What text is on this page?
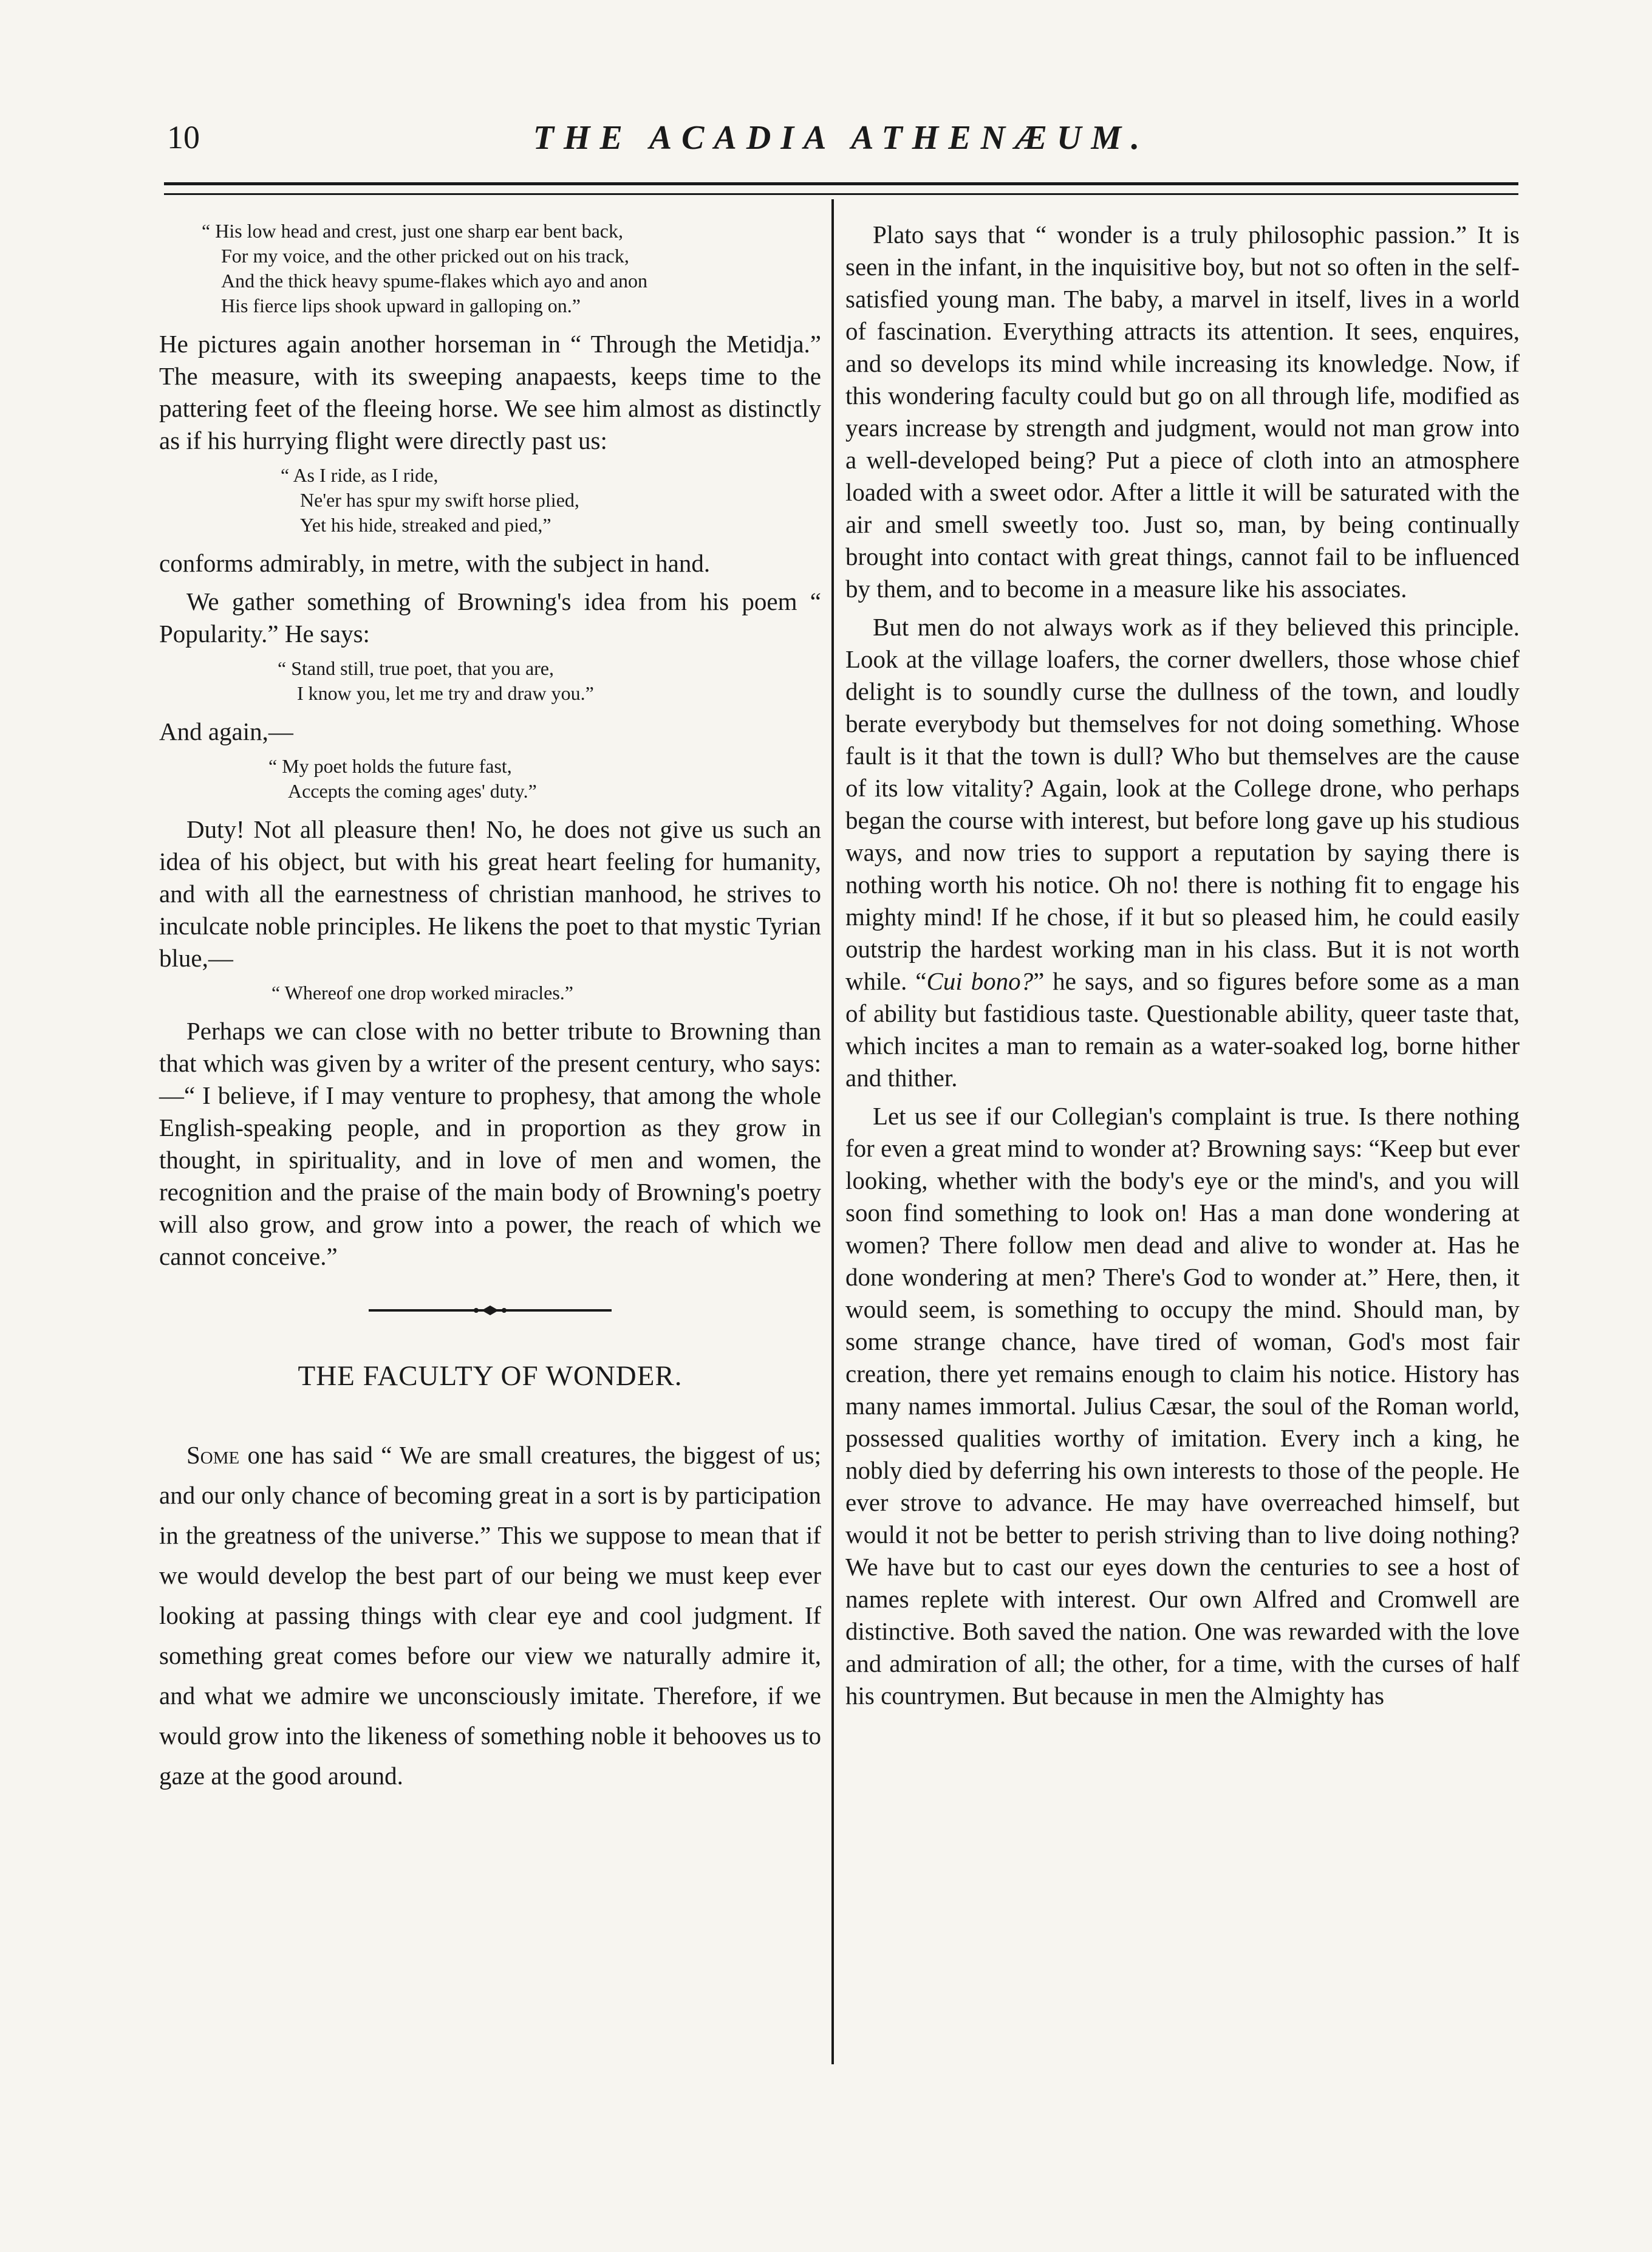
10	THE ACADIA ATHENÆUM.
“ His low head and crest, just one sharp ear bent back,
For my voice, and the other pricked out on his track,
And the thick heavy spume-flakes which ayo and anon
His fierce lips shook upward in galloping on.”

He pictures again another horseman in “ Through the Metidja.” The measure, with its sweeping anapaests, keeps time to the pattering feet of the fleeing horse. We see him almost as distinctly as if his hurrying flight were directly past us:

“ As I ride, as I ride,
Ne'er has spur my swift horse plied,
Yet his hide, streaked and pied,”

conforms admirably, in metre, with the subject in hand.

We gather something of Browning's idea from his poem “ Popularity.” He says:

“ Stand still, true poet, that you are,
I know you, let me try and draw you.”

And again,—

“ My poet holds the future fast,
Accepts the coming ages' duty.”

Duty! Not all pleasure then! No, he does not give us such an idea of his object, but with his great heart feeling for humanity, and with all the earnestness of christian manhood, he strives to inculcate noble principles. He likens the poet to that mystic Tyrian blue,—

“ Whereof one drop worked miracles.”

Perhaps we can close with no better tribute to Browning than that which was given by a writer of the present century, who says:—“ I believe, if I may venture to prophesy, that among the whole English-speaking people, and in proportion as they grow in thought, in spirituality, and in love of men and women, the recognition and the praise of the main body of Browning's poetry will also grow, and grow into a power, the reach of which we cannot conceive.”

THE FACULTY OF WONDER.

Some one has said “ We are small creatures, the biggest of us; and our only chance of becoming great in a sort is by participation in the greatness of the universe.” This we suppose to mean that if we would develop the best part of our being we must keep ever looking at passing things with clear eye and cool judgment. If something great comes before our view we naturally admire it, and what we admire we unconsciously imitate. Therefore, if we would grow into the likeness of something noble it behooves us to gaze at the good around.

Plato says that “ wonder is a truly philosophic passion.” It is seen in the infant, in the inquisitive boy, but not so often in the self-satisfied young man. The baby, a marvel in itself, lives in a world of fascination. Everything attracts its attention. It sees, enquires, and so develops its mind while increasing its knowledge. Now, if this wondering faculty could but go on all through life, modified as years increase by strength and judgment, would not man grow into a well-developed being? Put a piece of cloth into an atmosphere loaded with a sweet odor. After a little it will be saturated with the air and smell sweetly too. Just so, man, by being continually brought into contact with great things, cannot fail to be influenced by them, and to become in a measure like his associates.

But men do not always work as if they believed this principle. Look at the village loafers, the corner dwellers, those whose chief delight is to soundly curse the dullness of the town, and loudly berate everybody but themselves for not doing something. Whose fault is it that the town is dull? Who but themselves are the cause of its low vitality? Again, look at the College drone, who perhaps began the course with interest, but before long gave up his studious ways, and now tries to support a reputation by saying there is nothing worth his notice. Oh no! there is nothing fit to engage his mighty mind! If he chose, if it but so pleased him, he could easily outstrip the hardest working man in his class. But it is not worth while. “Cui bono?” he says, and so figures before some as a man of ability but fastidious taste. Questionable ability, queer taste that, which incites a man to remain as a water-soaked log, borne hither and thither.

Let us see if our Collegian's complaint is true. Is there nothing for even a great mind to wonder at? Browning says: “Keep but ever looking, whether with the body's eye or the mind's, and you will soon find something to look on! Has a man done wondering at women? There follow men dead and alive to wonder at. Has he done wondering at men? There's God to wonder at.” Here, then, it would seem, is something to occupy the mind. Should man, by some strange chance, have tired of woman, God's most fair creation, there yet remains enough to claim his notice. History has many names immortal. Julius Cæsar, the soul of the Roman world, possessed qualities worthy of imitation. Every inch a king, he nobly died by deferring his own interests to those of the people. He ever strove to advance. He may have overreached himself, but would it not be better to perish striving than to live doing nothing? We have but to cast our eyes down the centuries to see a host of names replete with interest. Our own Alfred and Cromwell are distinctive. Both saved the nation. One was rewarded with the love and admiration of all; the other, for a time, with the curses of half his countrymen. But because in men the Almighty has
